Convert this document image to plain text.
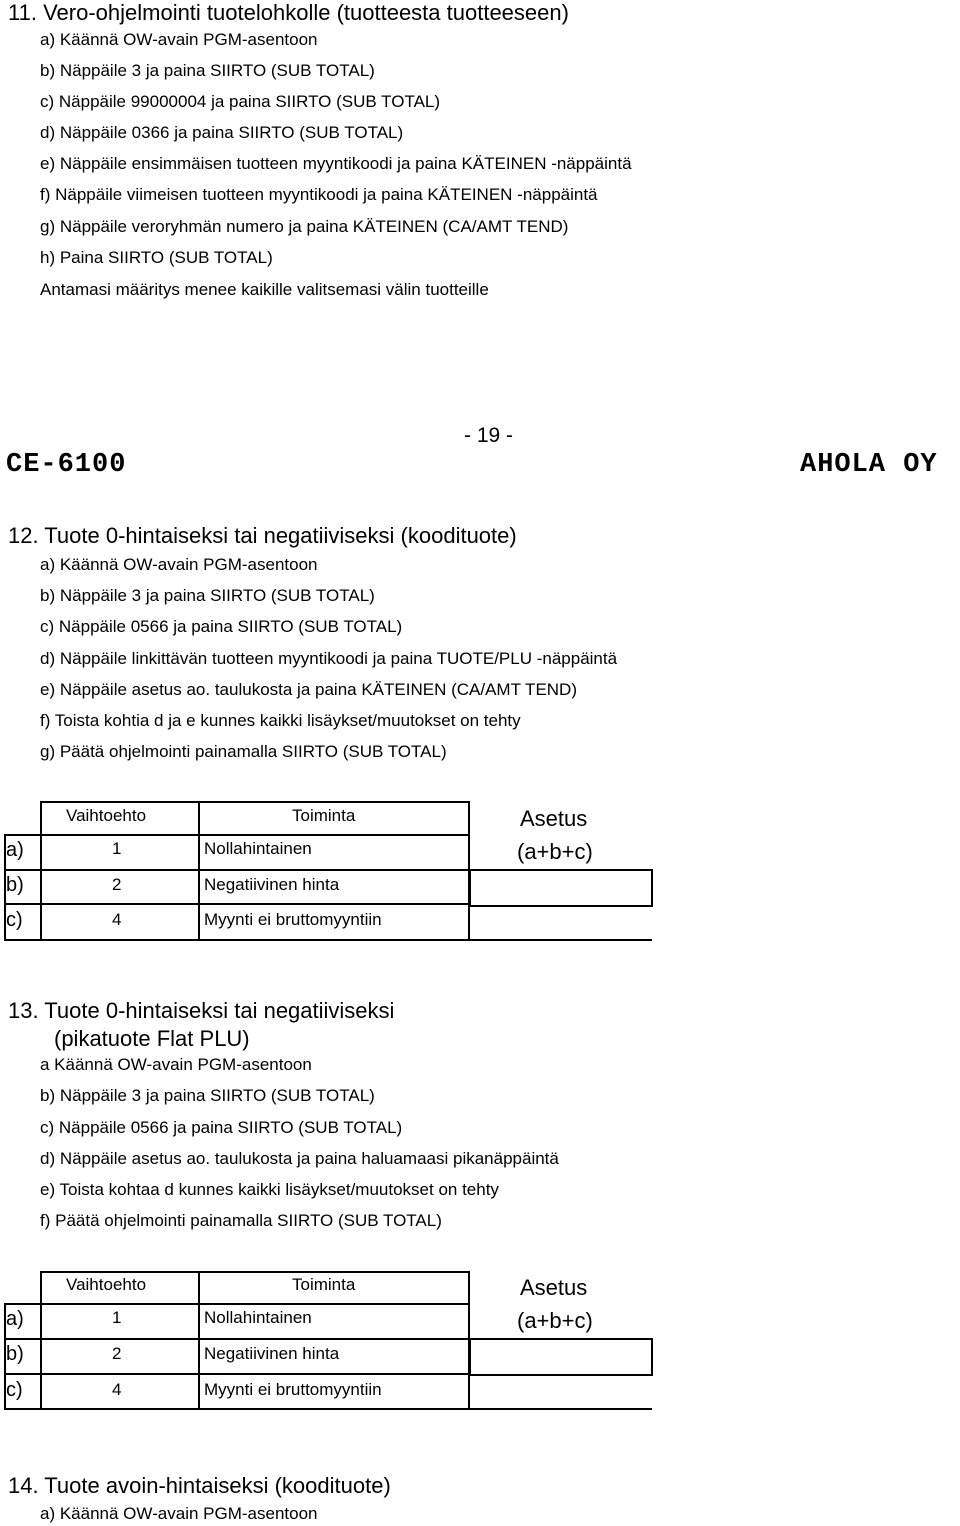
11. Vero-ohjelmointi tuotelohkolle (tuotteesta tuotteeseen)
a) Käännä OW-avain PGM-asentoon
b) Näppäile 3 ja paina SIIRTO (SUB TOTAL)
c) Näppäile 99000004 ja paina SIIRTO (SUB TOTAL)
d) Näppäile 0366 ja paina SIIRTO (SUB TOTAL)
e) Näppäile ensimmäisen tuotteen myyntikoodi ja paina KÄTEINEN -näppäintä
f) Näppäile viimeisen tuotteen myyntikoodi ja paina KÄTEINEN -näppäintä
g) Näppäile veroryhmän numero ja paina KÄTEINEN (CA/AMT TEND)
h) Paina SIIRTO (SUB TOTAL)
Antamasi määritys menee kaikille valitsemasi välin tuotteille
- 19 -
CE-6100	AHOLA OY
12. Tuote 0-hintaiseksi tai negatiiviseksi (koodituote)
a) Käännä OW-avain PGM-asentoon
b) Näppäile 3 ja paina SIIRTO (SUB TOTAL)
c) Näppäile 0566 ja paina SIIRTO (SUB TOTAL)
d) Näppäile linkittävän tuotteen myyntikoodi ja paina TUOTE/PLU -näppäintä
e) Näppäile asetus ao. taulukosta ja paina KÄTEINEN (CA/AMT TEND)
f) Toista kohtia d ja e kunnes kaikki lisäykset/muutokset on tehty
g) Päätä ohjelmointi painamalla SIIRTO (SUB TOTAL)
Vaihtoehto	Toiminta
a)	1	Nollahintainen
b)	2	Negatiivinen hinta
c)	4	Myynti ei bruttomyyntiin
Asetus
(a+b+c)
13. Tuote 0-hintaiseksi tai negatiiviseksi
(pikatuote Flat PLU)
a Käännä OW-avain PGM-asentoon
b) Näppäile 3 ja paina SIIRTO (SUB TOTAL)
c) Näppäile 0566 ja paina SIIRTO (SUB TOTAL)
d) Näppäile asetus ao. taulukosta ja paina haluamaasi pikanäppäintä
e) Toista kohtaa d kunnes kaikki lisäykset/muutokset on tehty
f) Päätä ohjelmointi painamalla SIIRTO (SUB TOTAL)
Vaihtoehto	Toiminta
a)	1	Nollahintainen
b)	2	Negatiivinen hinta
c)	4	Myynti ei bruttomyyntiin
Asetus
(a+b+c)
14. Tuote avoin-hintaiseksi (koodituote)
a) Käännä OW-avain PGM-asentoon
